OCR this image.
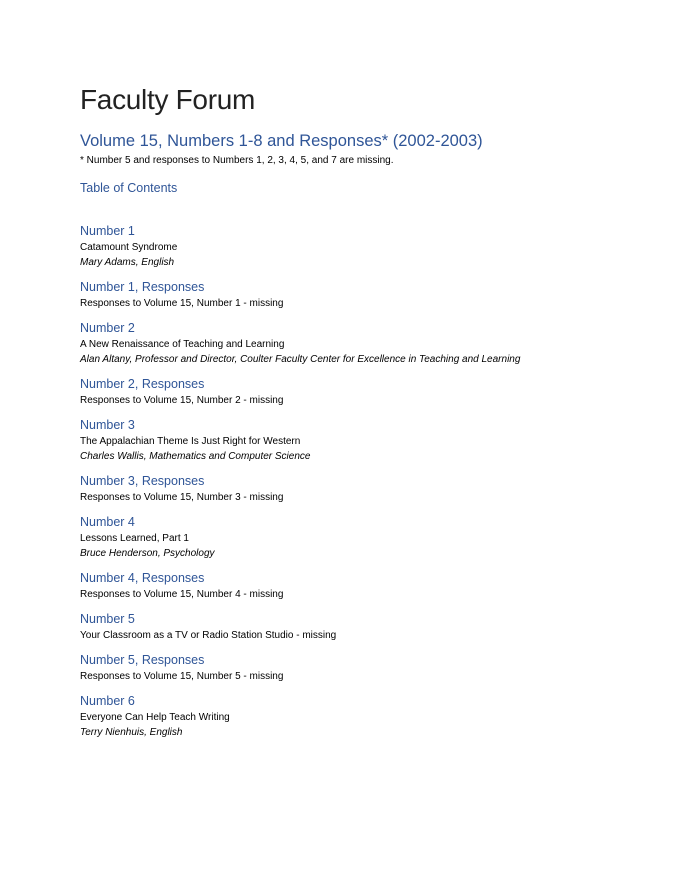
Faculty Forum
Volume 15, Numbers 1-8 and Responses* (2002-2003)
* Number 5 and responses to Numbers 1, 2, 3, 4, 5, and 7 are missing.
Table of Contents
Number 1
Catamount Syndrome
Mary Adams, English
Number 1, Responses
Responses to Volume 15, Number 1 - missing
Number 2
A New Renaissance of Teaching and Learning
Alan Altany, Professor and Director, Coulter Faculty Center for Excellence in Teaching and Learning
Number 2, Responses
Responses to Volume 15, Number 2 - missing
Number 3
The Appalachian Theme Is Just Right for Western
Charles Wallis, Mathematics and Computer Science
Number 3, Responses
Responses to Volume 15, Number 3 - missing
Number 4
Lessons Learned, Part 1
Bruce Henderson, Psychology
Number 4, Responses
Responses to Volume 15, Number 4 - missing
Number 5
Your Classroom as a TV or Radio Station Studio - missing
Number 5, Responses
Responses to Volume 15, Number 5 - missing
Number 6
Everyone Can Help Teach Writing
Terry Nienhuis, English
